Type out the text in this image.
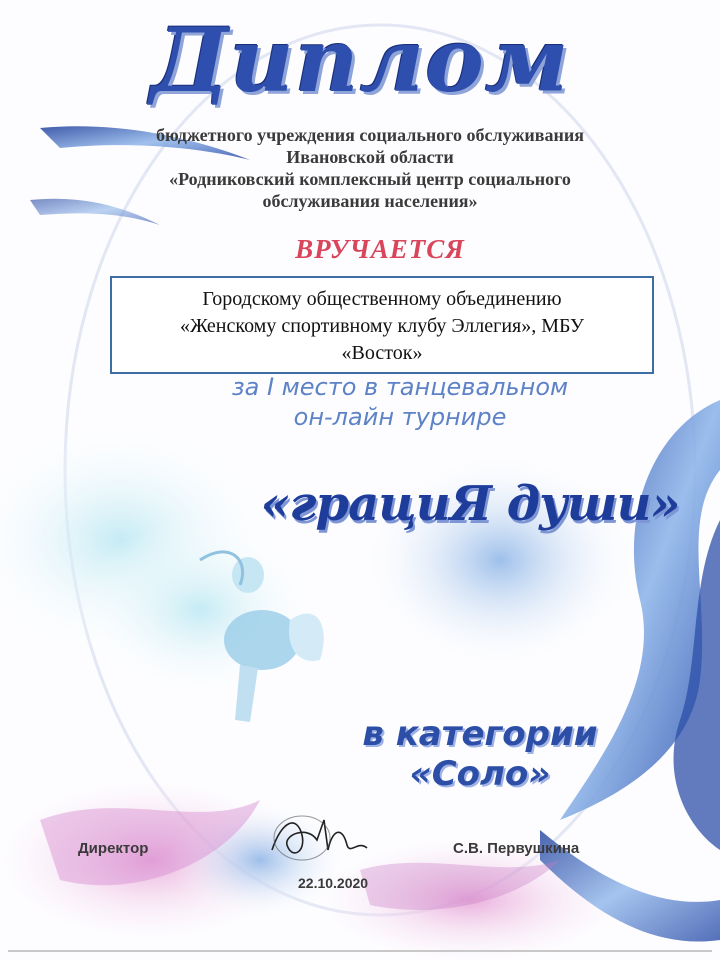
Диплом
бюджетного учреждения социального обслуживания
Ивановской области
«Родниковский комплексный центр социального
обслуживания населения»
ВРУЧАЕТСЯ
Городскому общественному объединению
«Женскому спортивному клубу Эллегия», МБУ
«Восток»
за I место в танцевальном
он-лайн турнире
«грациЯ души»
в категории
«Соло»
Директор	С.В. Первушкина
22.10.2020
